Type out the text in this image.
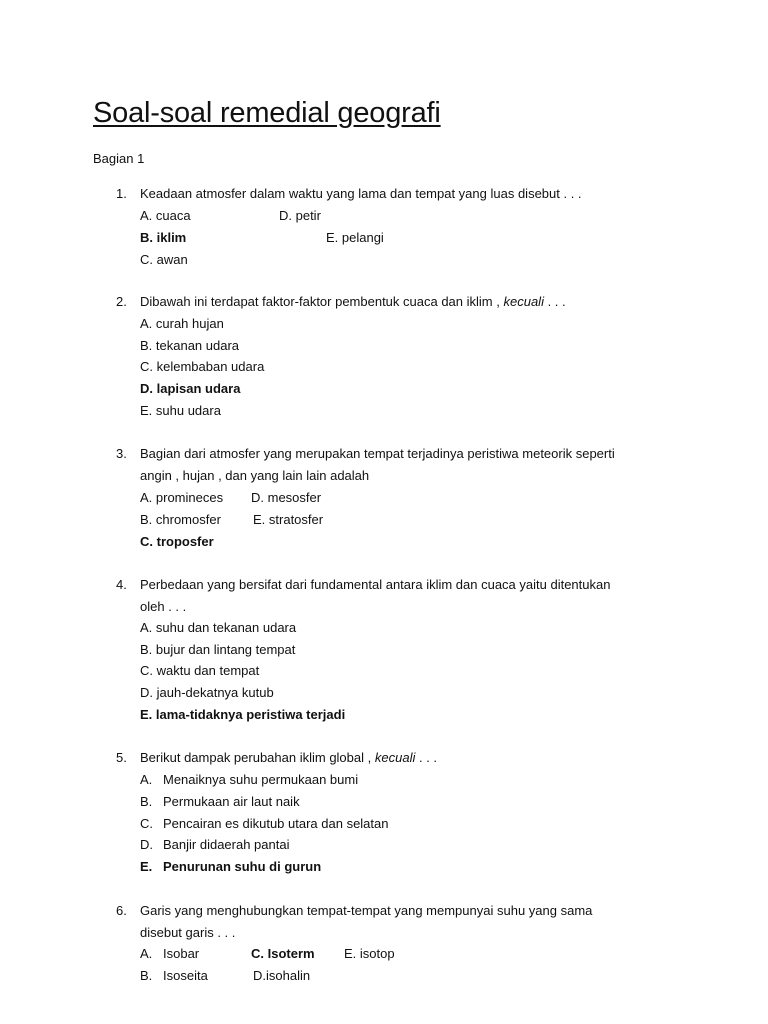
Soal-soal remedial geografi
Bagian 1
1. Keadaan atmosfer dalam waktu yang lama dan tempat yang luas disebut . . .
A. cuaca	D. petir
B. iklim	E. pelangi
C. awan
2. Dibawah ini terdapat faktor-faktor pembentuk cuaca dan iklim , kecuali . . .
A. curah hujan
B. tekanan udara
C. kelembaban udara
D. lapisan udara
E. suhu udara
3. Bagian dari atmosfer yang merupakan tempat terjadinya peristiwa meteorik seperti
angin , hujan , dan yang lain lain adalah
A. promineces D. mesosfer
B. chromosfer E. stratosfer
C. troposfer
4. Perbedaan yang bersifat dari fundamental antara iklim dan cuaca yaitu ditentukan
oleh . . .
A. suhu dan tekanan udara
B. bujur dan lintang tempat
C. waktu dan tempat
D. jauh-dekatnya kutub
E. lama-tidaknya peristiwa terjadi
5. Berikut dampak perubahan iklim global , kecuali . . .
A. Menaiknya suhu permukaan bumi
B. Permukaan air laut naik
C. Pencairan es dikutub utara dan selatan
D. Banjir didaerah pantai
E. Penurunan suhu di gurun
6. Garis yang menghubungkan tempat-tempat yang mempunyai suhu yang sama
disebut garis . . .
A. Isobar	C. Isoterm E. isotop
B. Isoseita	D.isohalin
